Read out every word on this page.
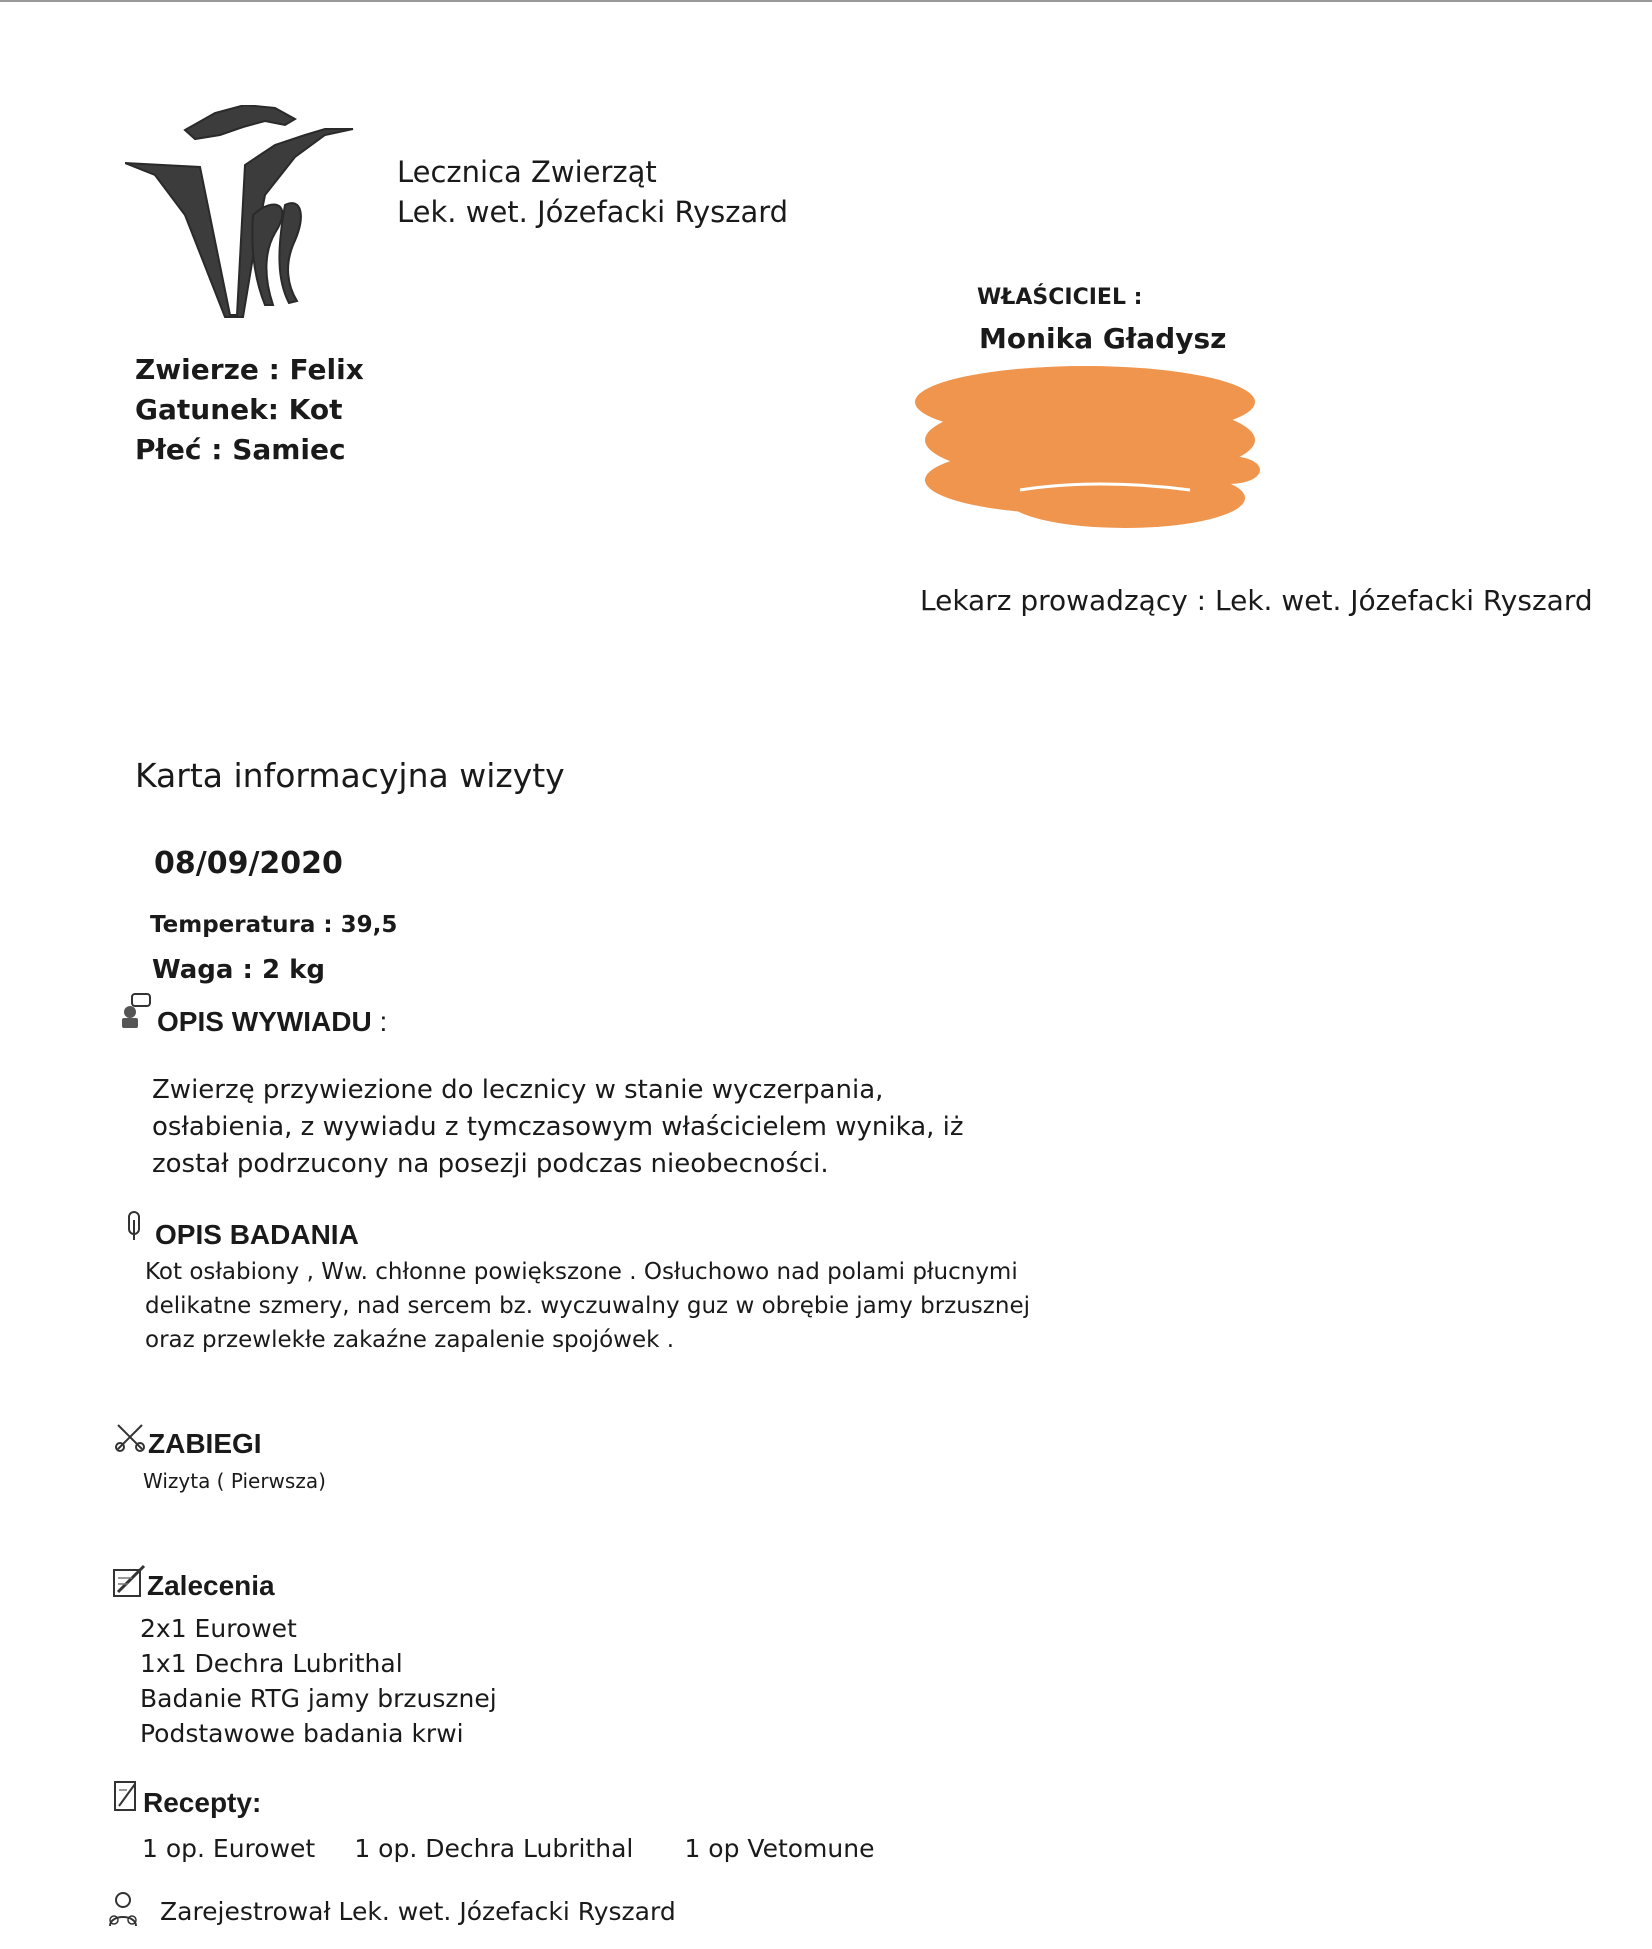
Lecznica Zwierząt
Lek. wet. Józefacki Ryszard
Zwierze : Felix
Gatunek: Kot
Płeć : Samiec
WŁAŚCICIEL :
Monika Gładysz
Lekarz prowadzący : Lek. wet. Józefacki Ryszard
Karta informacyjna wizyty
08/09/2020
Temperatura : 39,5
Waga : 2 kg
OPIS WYWIADU :
Zwierzę przywiezione do lecznicy w stanie wyczerpania,
osłabienia, z wywiadu z tymczasowym właścicielem wynika, iż
został podrzucony na posezji podczas nieobecności.
OPIS BADANIA
Kot osłabiony , Ww. chłonne powiększone . Osłuchowo nad polami płucnymi
delikatne szmery, nad sercem bz. wyczuwalny guz w obrębie jamy brzusznej
oraz przewlekłe zakaźne zapalenie spojówek .
ZABIEGI
Wizyta ( Pierwsza)
Zalecenia
2x1 Eurowet
1x1 Dechra Lubrithal
Badanie RTG jamy brzusznej
Podstawowe badania krwi
Recepty:
1 op. Eurowet 1 op. Dechra Lubrithal 1 op Vetomune
Zarejestrował Lek. wet. Józefacki Ryszard
